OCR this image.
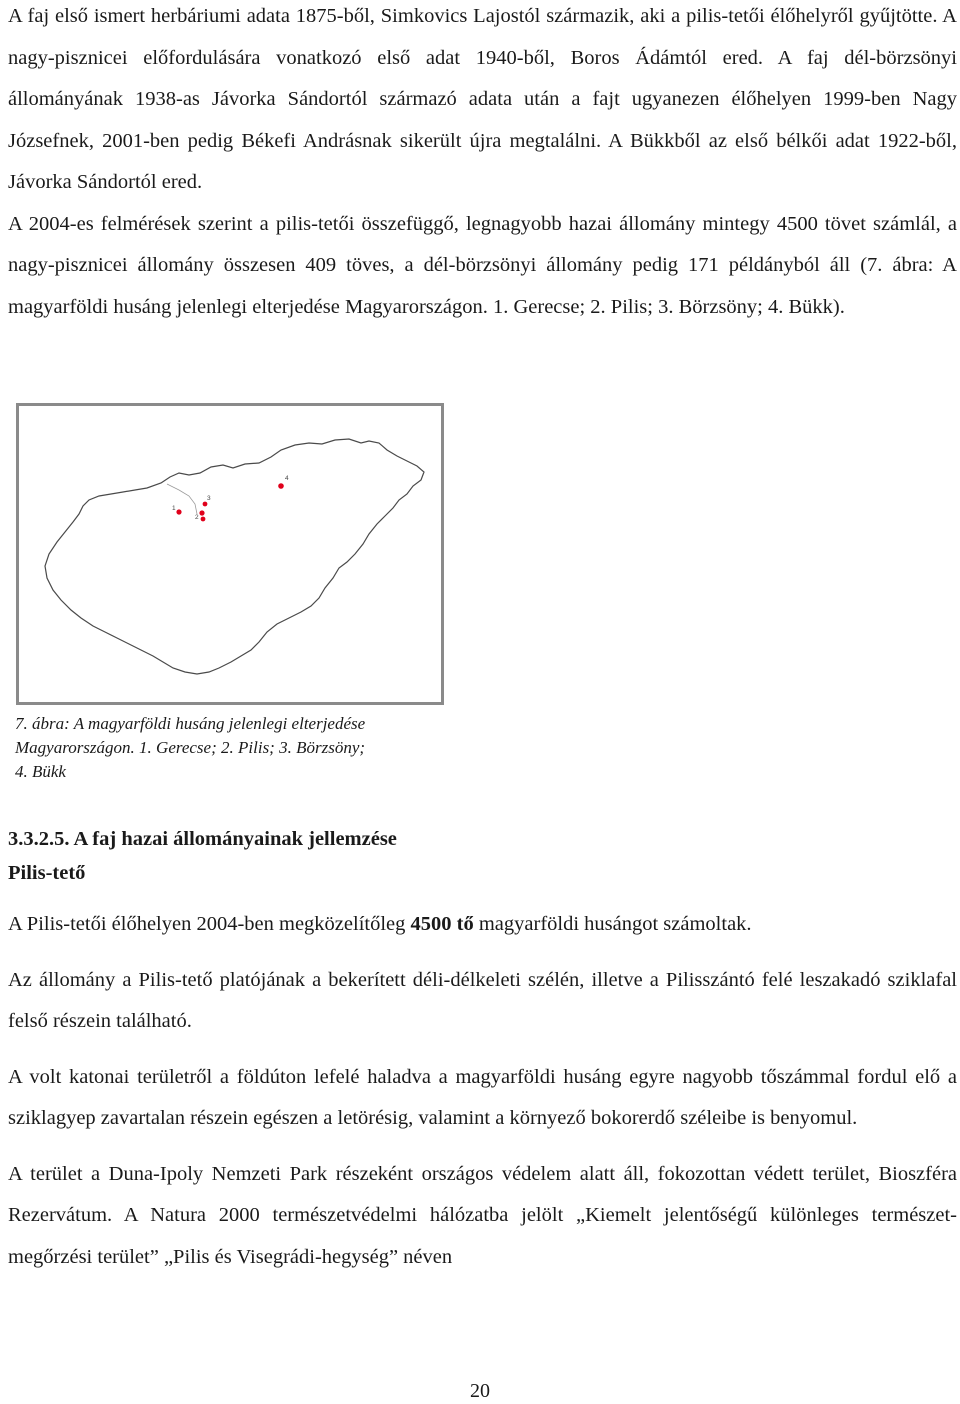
A faj első ismert herbáriumi adata 1875-ből, Simkovics Lajostól származik, aki a pilis-tetői élőhelyről gyűjtötte. A nagy-pisznicei előfordulására vonatkozó első adat 1940-ből, Boros Ádámtól ered. A faj dél-börzsönyi állományának 1938-as Jávorka Sándortól származó adata után a fajt ugyanezen élőhelyen 1999-ben Nagy Józsefnek, 2001-ben pedig Békefi Andrásnak sikerült újra megtalálni. A Bükkből az első bélkői adat 1922-ből, Jávorka Sándortól ered.

A 2004-es felmérések szerint a pilis-tetői összefüggő, legnagyobb hazai állomány mintegy 4500 tövet számlál, a nagy-pisznicei állomány összesen 409 töves, a dél-börzsönyi állomány pedig 171 példányból áll (7. ábra: A magyarföldi husáng jelenlegi elterjedése Magyarországon. 1. Gerecse; 2. Pilis; 3. Börzsöny; 4. Bükk).

1
2
3
4
7. ábra: A magyarföldi husáng jelenlegi elterjedése
Magyarországon. 1. Gerecse; 2. Pilis; 3. Börzsöny;
4. Bükk

3.3.2.5. A faj hazai állományainak jellemzése

Pilis-tető

A Pilis-tetői élőhelyen 2004-ben megközelítőleg 4500 tő magyarföldi husángot számoltak.

Az állomány a Pilis-tető platójának a bekerített déli-délkeleti szélén, illetve a Pilisszántó felé leszakadó sziklafal felső részein található.

A volt katonai területről a földúton lefelé haladva a magyarföldi husáng egyre nagyobb tőszámmal fordul elő a sziklagyep zavartalan részein egészen a letörésig, valamint a környező bokorerdő széleibe is benyomul.

A terület a Duna-Ipoly Nemzeti Park részeként országos védelem alatt áll, fokozottan védett terület, Bioszféra Rezervátum. A Natura 2000 természetvédelmi hálózatba jelölt „Kiemelt jelentőségű különleges természet-megőrzési terület” „Pilis és Visegrádi-hegység” néven

20
